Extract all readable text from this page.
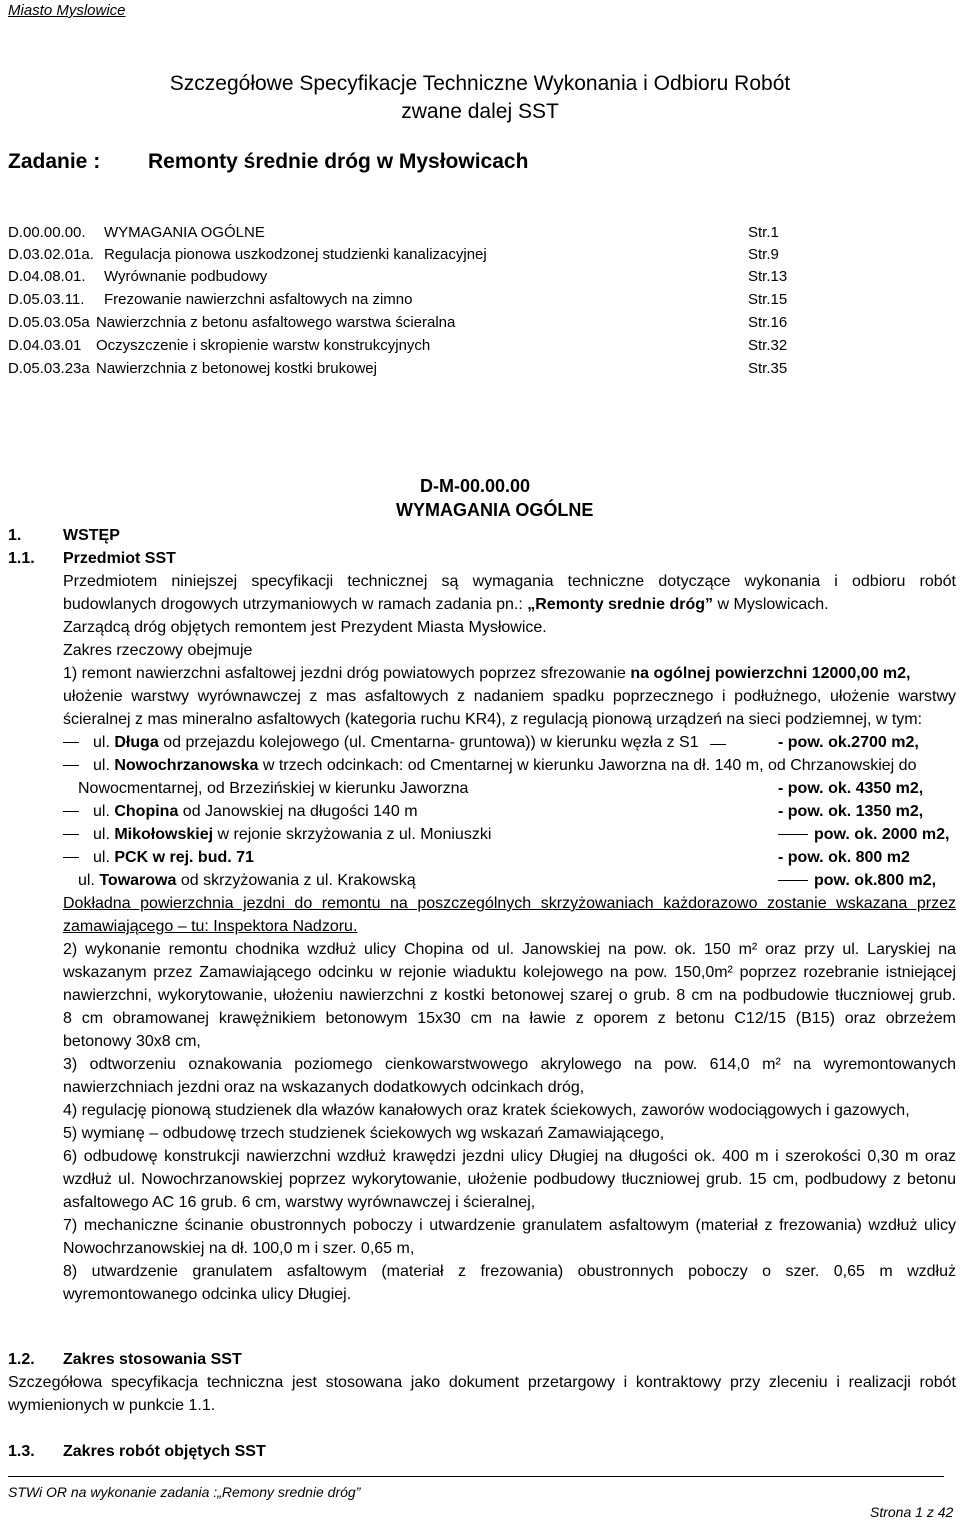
Miasto Myslowice
Szczegółowe Specyfikacje Techniczne Wykonania i Odbioru Robót
zwane dalej SST
Zadanie : Remonty średnie dróg w Mysłowicach
D.00.00.00. WYMAGANIA OGÓLNE	Str.1
D.03.02.01a. Regulacja pionowa uszkodzonej studzienki kanalizacyjnej	Str.9
D.04.08.01. Wyrównanie podbudowy	Str.13
D.05.03.11. Frezowanie nawierzchni asfaltowych na zimno	Str.15
D.05.03.05a Nawierzchnia z betonu asfaltowego warstwa ścieralna	Str.16
D.04.03.01 Oczyszczenie i skropienie warstw konstrukcyjnych	Str.32
D.05.03.23a Nawierzchnia z betonowej kostki brukowej	Str.35
D-M-00.00.00
WYMAGANIA OGÓLNE
1.	WSTĘP
1.1. Przedmiot SST
Przedmiotem niniejszej specyfikacji technicznej są wymagania techniczne dotyczące wykonania i odbioru robót
budowlanych drogowych utrzymaniowych w ramach zadania pn.: „Remonty srednie dróg” w Myslowicach.
Zarządcą dróg objętych remontem jest Prezydent Miasta Mysłowice.
Zakres rzeczowy obejmuje
1) remont nawierzchni asfaltowej jezdni dróg powiatowych poprzez sfrezowanie na ogólnej powierzchni 12000,00 m2,
ułożenie warstwy wyrównawczej z mas asfaltowych z nadaniem spadku poprzecznego i podłużnego, ułożenie warstwy
ścieralnej z mas mineralno asfaltowych (kategoria ruchu KR4), z regulacją pionową urządzeń na sieci podziemnej, w tym:
ul. Długa od przejazdu kolejowego (ul. Cmentarna- gruntowa)) w kierunku węzła z S1	- pow. ok.2700 m2,
ul. Nowochrzanowska w trzech odcinkach: od Cmentarnej w kierunku Jaworzna na dł. 140 m, od Chrzanowskiej do
Nowocmentarnej, od Brzezińskiej w kierunku Jaworzna	- pow. ok. 4350 m2,
ul. Chopina od Janowskiej na długości 140 m	- pow. ok. 1350 m2,
ul. Mikołowskiej w rejonie skrzyżowania z ul. Moniuszki	pow. ok. 2000 m2,
ul. PCK w rej. bud. 71	- pow. ok. 800 m2
ul. Towarowa od skrzyżowania z ul. Krakowską	pow. ok.800 m2,
Dokładna powierzchnia jezdni do remontu na poszczególnych skrzyżowaniach każdorazowo zostanie wskazana przez
zamawiającego – tu: Inspektora Nadzoru.
2) wykonanie remontu chodnika wzdłuż ulicy Chopina od ul. Janowskiej na pow. ok. 150 m² oraz przy ul. Laryskiej na
wskazanym przez Zamawiającego odcinku w rejonie wiaduktu kolejowego na pow. 150,0m² poprzez rozebranie istniejącej
nawierzchni, wykorytowanie, ułożeniu nawierzchni z kostki betonowej szarej o grub. 8 cm na podbudowie tłuczniowej grub.
8 cm obramowanej krawężnikiem betonowym 15x30 cm na ławie z oporem z betonu C12/15 (B15) oraz obrzeżem
betonowy 30x8 cm,
3) odtworzeniu oznakowania poziomego cienkowarstwowego akrylowego na pow. 614,0 m² na wyremontowanych
nawierzchniach jezdni oraz na wskazanych dodatkowych odcinkach dróg,
4) regulację pionową studzienek dla włazów kanałowych oraz kratek ściekowych, zaworów wodociągowych i gazowych,
5) wymianę – odbudowę trzech studzienek ściekowych wg wskazań Zamawiającego,
6) odbudowę konstrukcji nawierzchni wzdłuż krawędzi jezdni ulicy Długiej na długości ok. 400 m i szerokości 0,30 m oraz
wzdłuż ul. Nowochrzanowskiej poprzez wykorytowanie, ułożenie podbudowy tłuczniowej grub. 15 cm, podbudowy z betonu
asfaltowego AC 16 grub. 6 cm, warstwy wyrównawczej i ścieralnej,
7) mechaniczne ścinanie obustronnych poboczy i utwardzenie granulatem asfaltowym (materiał z frezowania) wzdłuż ulicy
Nowochrzanowskiej na dł. 100,0 m i szer. 0,65 m,
8) utwardzenie granulatem asfaltowym (materiał z frezowania) obustronnych poboczy o szer. 0,65 m wzdłuż
wyremontowanego odcinka ulicy Długiej.
1.2. Zakres stosowania SST
Szczegółowa specyfikacja techniczna jest stosowana jako dokument przetargowy i kontraktowy przy zleceniu i realizacji robót
wymienionych w punkcie 1.1.
1.3. Zakres robót objętych SST
STWi OR na wykonanie zadania :„Remony srednie dróg”
Strona 1 z 42
